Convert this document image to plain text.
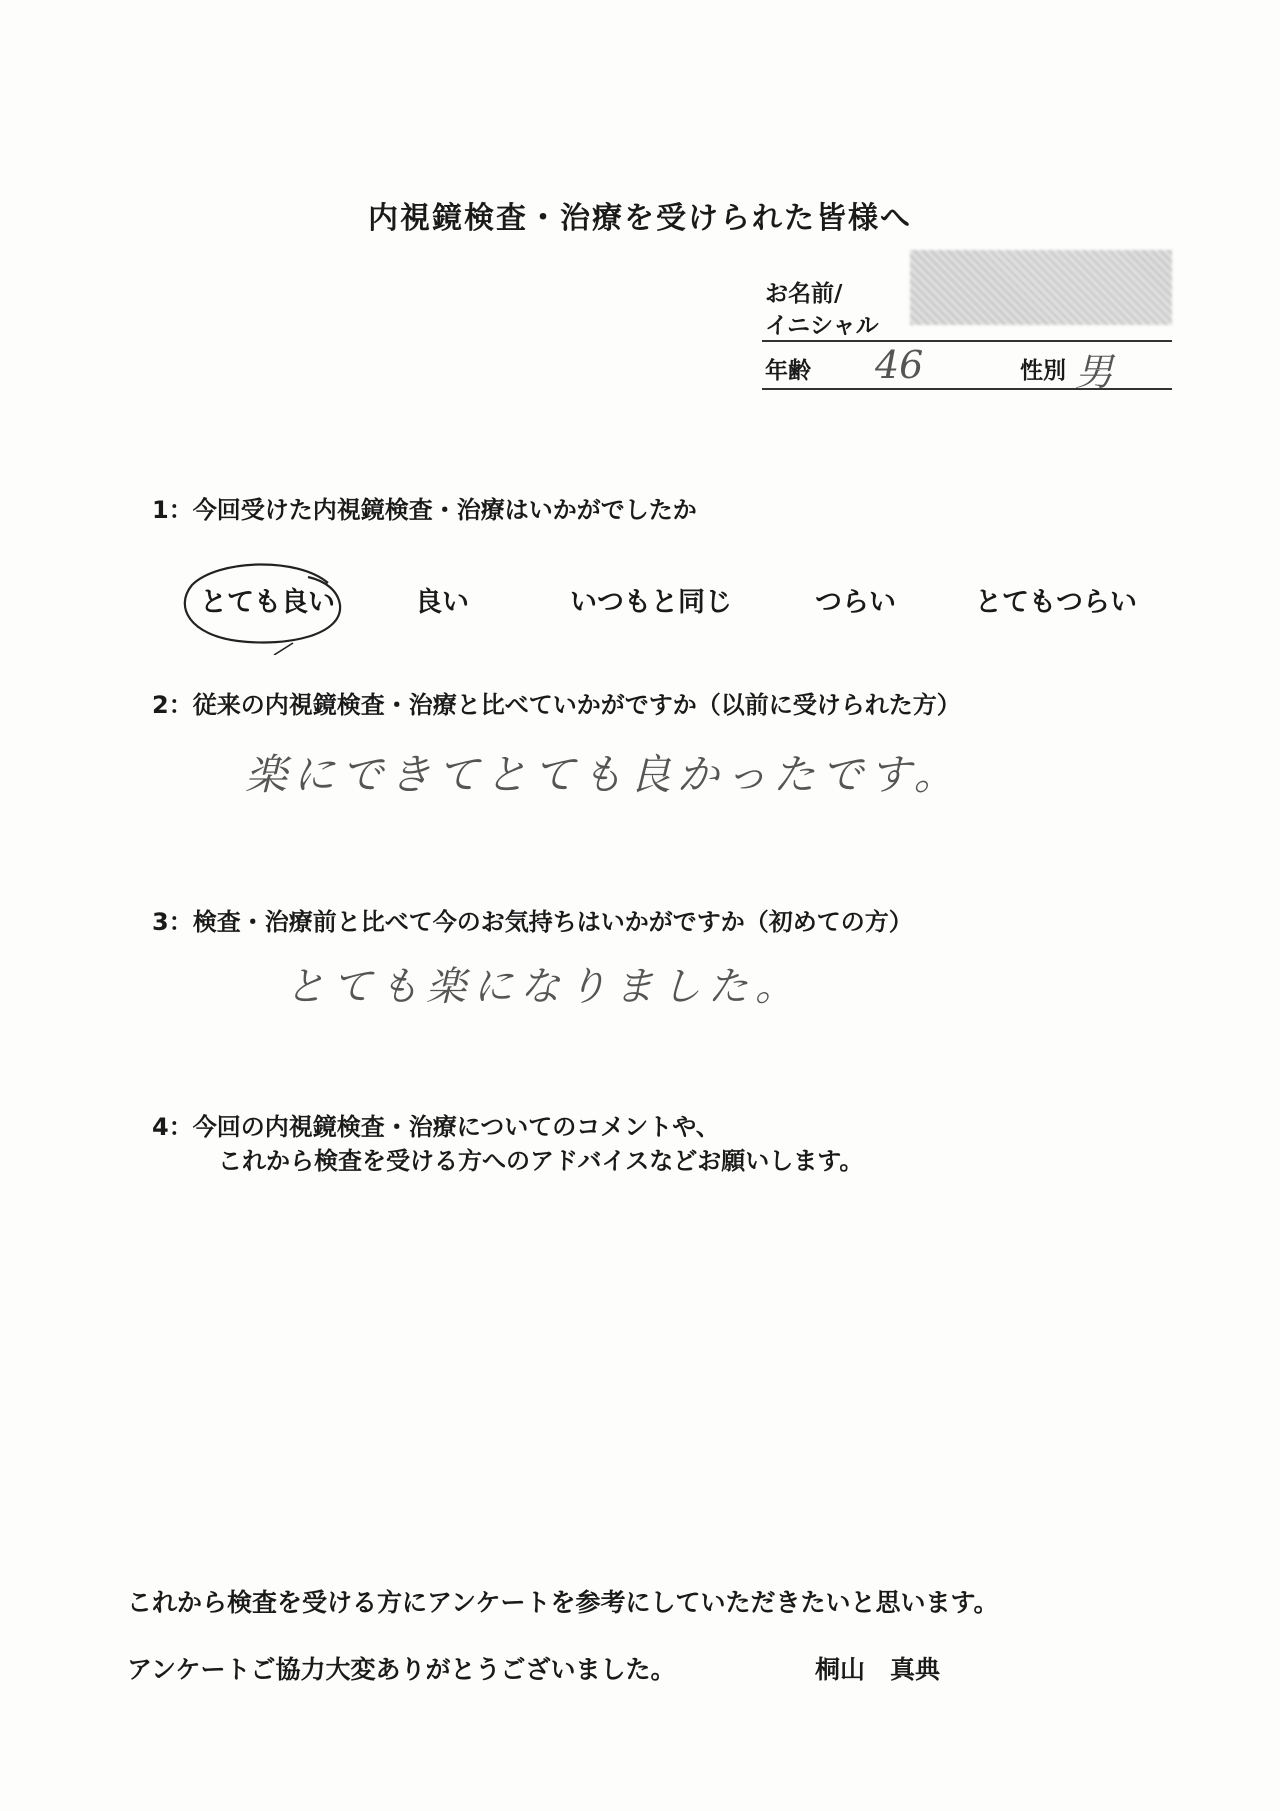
内視鏡検査・治療を受けられた皆様へ
お名前/
イニシャル
年齢 46	性別 男
1：今回受けた内視鏡検査・治療はいかがでしたか
とても良い	良い	いつもと同じ	つらい	とてもつらい
2：従来の内視鏡検査・治療と比べていかがですか（以前に受けられた方）
楽にできてとても良かったです。
3：検査・治療前と比べて今のお気持ちはいかがですか（初めての方）
とても楽になりました。
4：今回の内視鏡検査・治療についてのコメントや、
これから検査を受ける方へのアドバイスなどお願いします。
これから検査を受ける方にアンケートを参考にしていただきたいと思います。
アンケートご協力大変ありがとうございました。	桐山　真典
